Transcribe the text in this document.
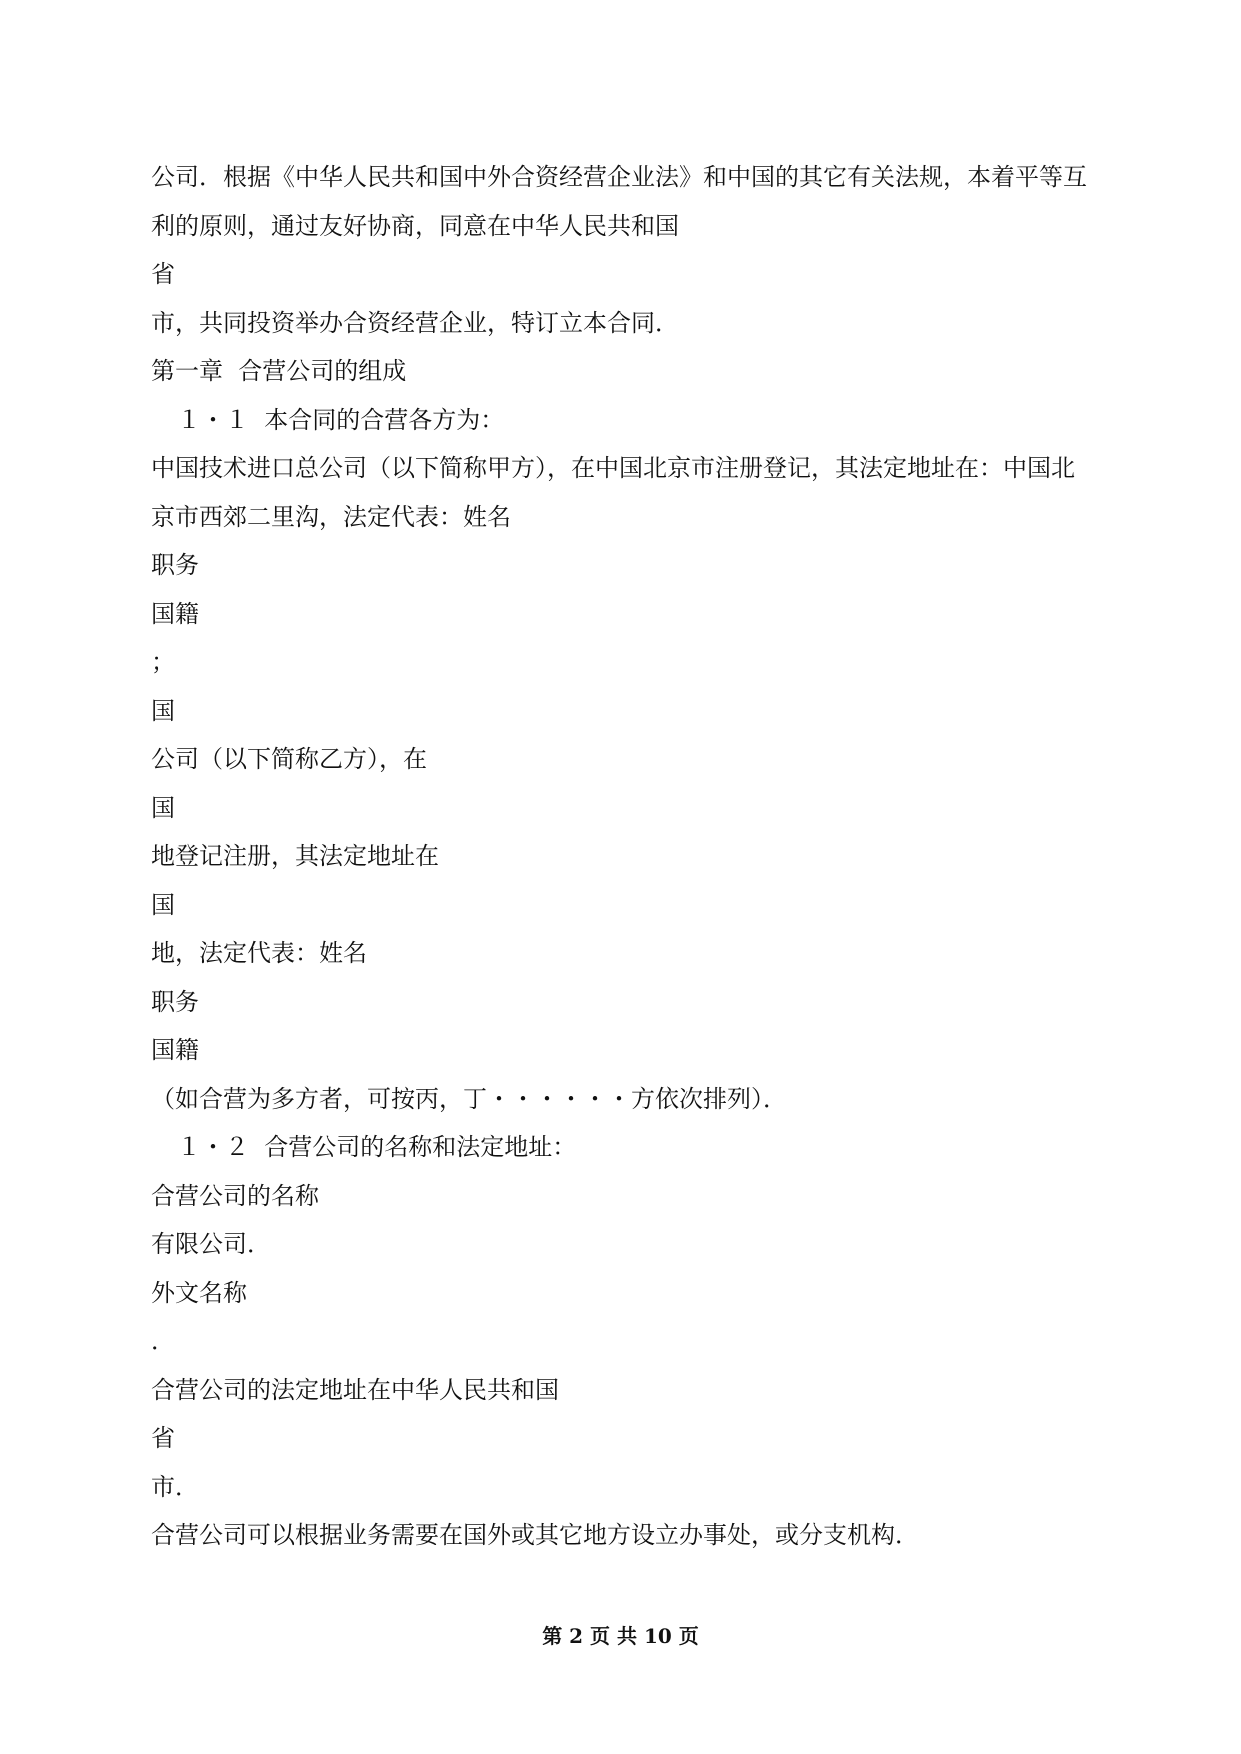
公司．根据《中华人民共和国中外合资经营企业法》和中国的其它有关法规，本着平等互利的原则，通过友好协商，同意在中华人民共和国

省

市，共同投资举办合资经营企业，特订立本合同．

第一章  合营公司的组成

１・１  本合同的合营各方为：

中国技术进口总公司（以下简称甲方），在中国北京市注册登记，其法定地址在：中国北京市西郊二里沟，法定代表：姓名

职务

国籍

；

国

公司（以下简称乙方），在

国

地登记注册，其法定地址在

国

地，法定代表：姓名

职务

国籍

（如合营为多方者，可按丙，丁・・・・・・方依次排列）．

１・２  合营公司的名称和法定地址：

合营公司的名称

有限公司．

外文名称

．

合营公司的法定地址在中华人民共和国

省

市．

合营公司可以根据业务需要在国外或其它地方设立办事处，或分支机构．

第 2 页 共 10 页
